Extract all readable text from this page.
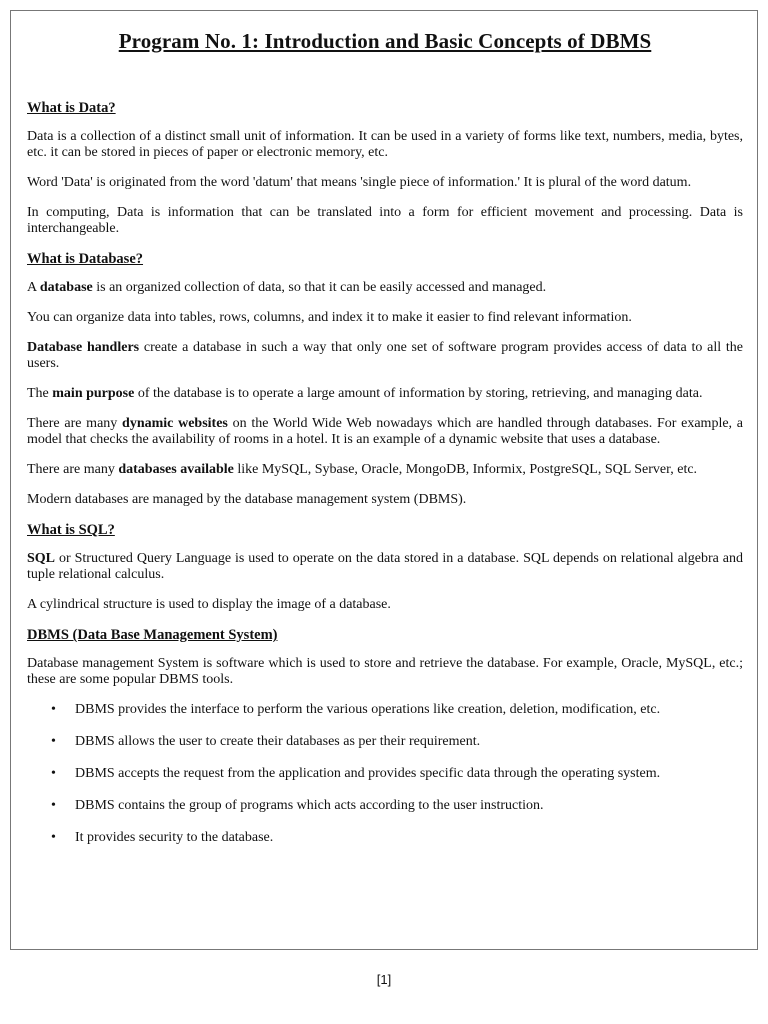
Program No. 1: Introduction and Basic Concepts of DBMS
What is Data?

Data is a collection of a distinct small unit of information. It can be used in a variety of forms like text, numbers, media, bytes, etc. it can be stored in pieces of paper or electronic memory, etc.

Word 'Data' is originated from the word 'datum' that means 'single piece of information.' It is plural of the word datum.

In computing, Data is information that can be translated into a form for efficient movement and processing. Data is interchangeable.

What is Database?

A database is an organized collection of data, so that it can be easily accessed and managed.

You can organize data into tables, rows, columns, and index it to make it easier to find relevant information.

Database handlers create a database in such a way that only one set of software program provides access of data to all the users.

The main purpose of the database is to operate a large amount of information by storing, retrieving, and managing data.

There are many dynamic websites on the World Wide Web nowadays which are handled through databases. For example, a model that checks the availability of rooms in a hotel. It is an example of a dynamic website that uses a database.

There are many databases available like MySQL, Sybase, Oracle, MongoDB, Informix, PostgreSQL, SQL Server, etc.

Modern databases are managed by the database management system (DBMS).

What is SQL?

SQL or Structured Query Language is used to operate on the data stored in a database. SQL depends on relational algebra and tuple relational calculus.

A cylindrical structure is used to display the image of a database.

DBMS (Data Base Management System)

Database management System is software which is used to store and retrieve the database. For example, Oracle, MySQL, etc.; these are some popular DBMS tools.

• DBMS provides the interface to perform the various operations like creation, deletion, modification, etc.
• DBMS allows the user to create their databases as per their requirement.
• DBMS accepts the request from the application and provides specific data through the operating system.
• DBMS contains the group of programs which acts according to the user instruction.
• It provides security to the database.
[1]
